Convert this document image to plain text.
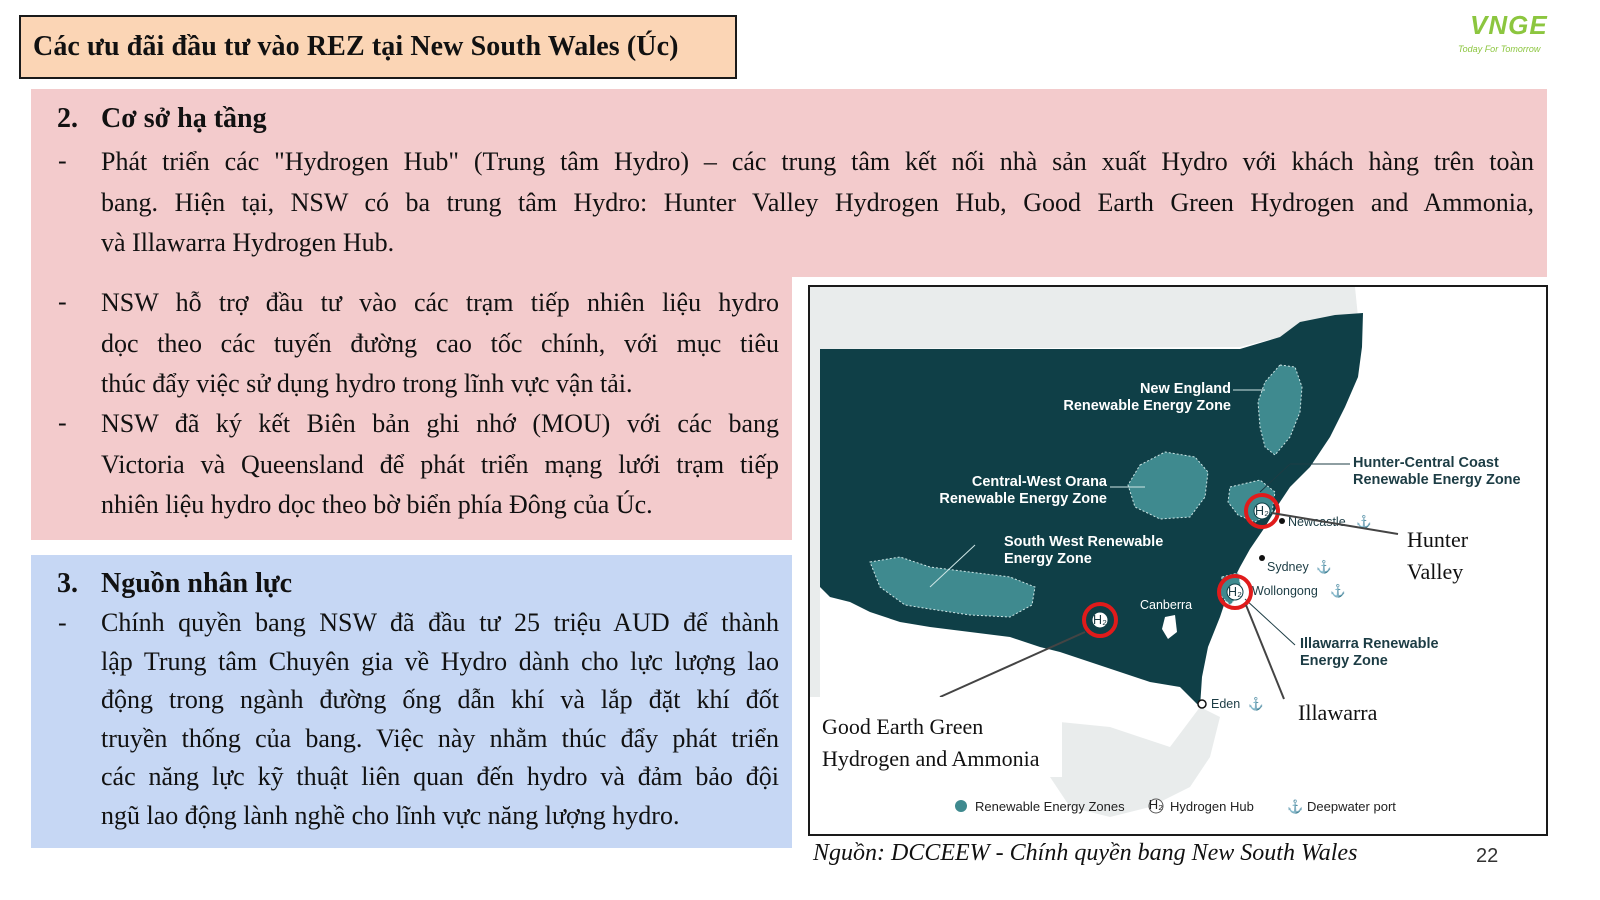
Các ưu đãi đầu tư vào REZ tại New South Wales (Úc)
VNGE
Today For Tomorrow
2. Cơ sở hạ tầng
- Phát triển các "Hydrogen Hub" (Trung tâm Hydro) – các trung tâm kết nối nhà sản xuất Hydro với khách hàng trên toàn
bang. Hiện tại, NSW có ba trung tâm Hydro: Hunter Valley Hydrogen Hub, Good Earth Green Hydrogen and Ammonia,
và Illawarra Hydrogen Hub.
- NSW hỗ trợ đầu tư vào các trạm tiếp nhiên liệu hydro
dọc theo các tuyến đường cao tốc chính, với mục tiêu
thúc đẩy việc sử dụng hydro trong lĩnh vực vận tải.
- NSW đã ký kết Biên bản ghi nhớ (MOU) với các bang
Victoria và Queensland để phát triển mạng lưới trạm tiếp
nhiên liệu hydro dọc theo bờ biển phía Đông của Úc.
3. Nguồn nhân lực
- Chính quyền bang NSW đã đầu tư 25 triệu AUD để thành
lập Trung tâm Chuyên gia về Hydro dành cho lực lượng lao
động trong ngành đường ống dẫn khí và lắp đặt khí đốt
truyền thống của bang. Việc này nhằm thúc đẩy phát triển
các năng lực kỹ thuật liên quan đến hydro và đảm bảo đội
ngũ lao động lành nghề cho lĩnh vực năng lượng hydro.
New England
Renewable Energy Zone
Central-West Orana
Renewable Energy Zone
South West Renewable
Energy Zone
Hunter-Central Coast
Renewable Energy Zone
Illawarra Renewable
Energy Zone
Newcastle ⚓
Sydney ⚓
Wollongong ⚓
Canberra
Eden ⚓
H₂
H₂
H₂
Hunter
Valley
Illawarra
Good Earth Green
Hydrogen and Ammonia
Renewable Energy Zones H₂ Hydrogen Hub	⚓ Deepwater port
Nguồn: DCCEEW - Chính quyền bang New South Wales	22
